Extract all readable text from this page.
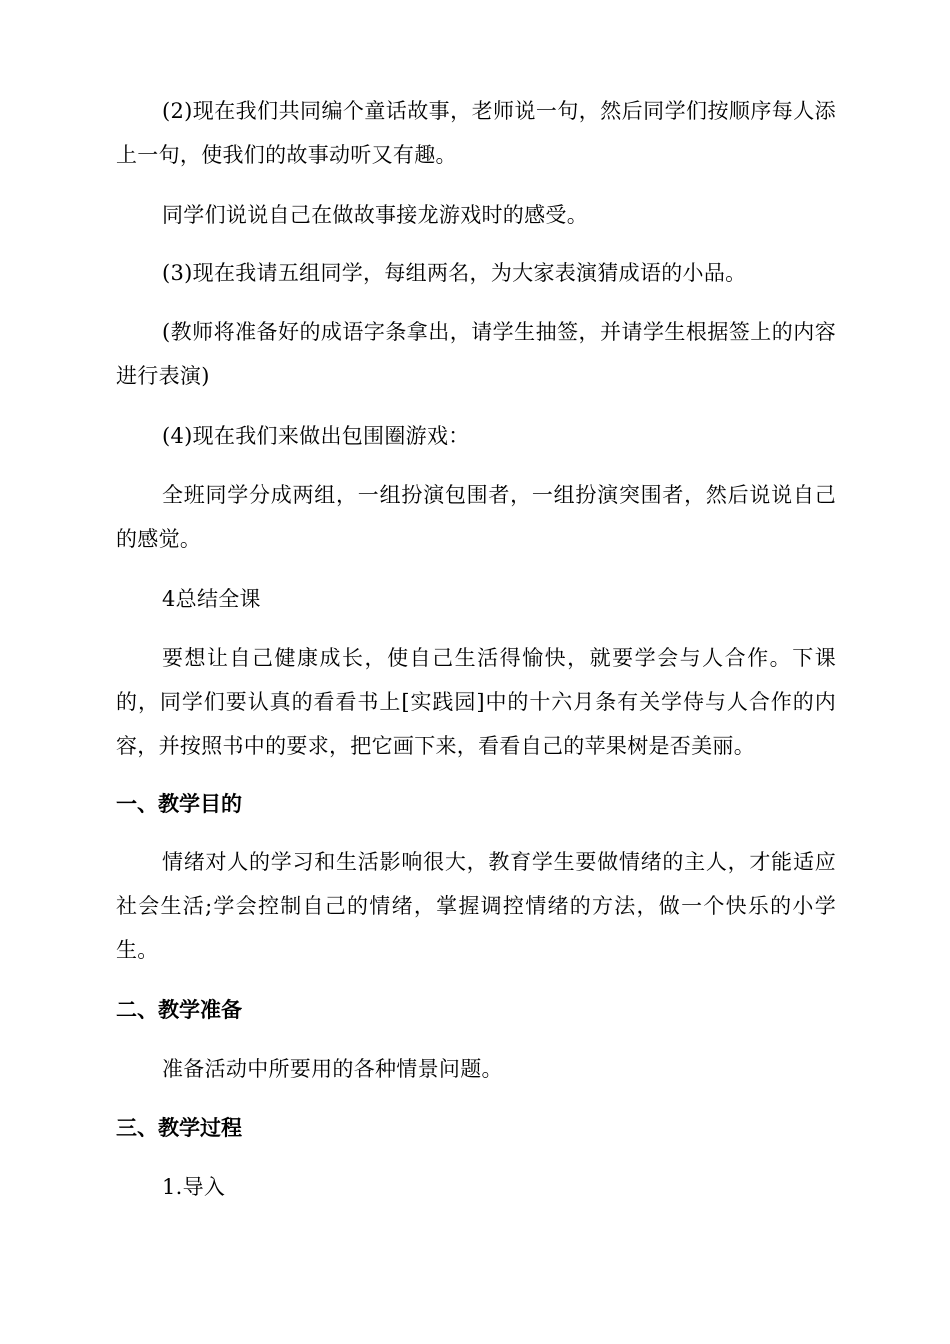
(2)现在我们共同编个童话故事，老师说一句，然后同学们按顺序每人添上一句，使我们的故事动听又有趣。

同学们说说自己在做故事接龙游戏时的感受。

(3)现在我请五组同学，每组两名，为大家表演猜成语的小品。

(教师将准备好的成语字条拿出，请学生抽签，并请学生根据签上的内容进行表演)

(4)现在我们来做出包围圈游戏：

全班同学分成两组，一组扮演包围者，一组扮演突围者，然后说说自己的感觉。

4总结全课

要想让自己健康成长，使自己生活得愉快，就要学会与人合作。下课的，同学们要认真的看看书上[实践园]中的十六月条有关学侍与人合作的内容，并按照书中的要求，把它画下来，看看自己的苹果树是否美丽。

一、教学目的

情绪对人的学习和生活影响很大，教育学生要做情绪的主人，才能适应社会生活;学会控制自己的情绪，掌握调控情绪的方法，做一个快乐的小学生。

二、教学准备

准备活动中所要用的各种情景问题。

三、教学过程

1.导入
